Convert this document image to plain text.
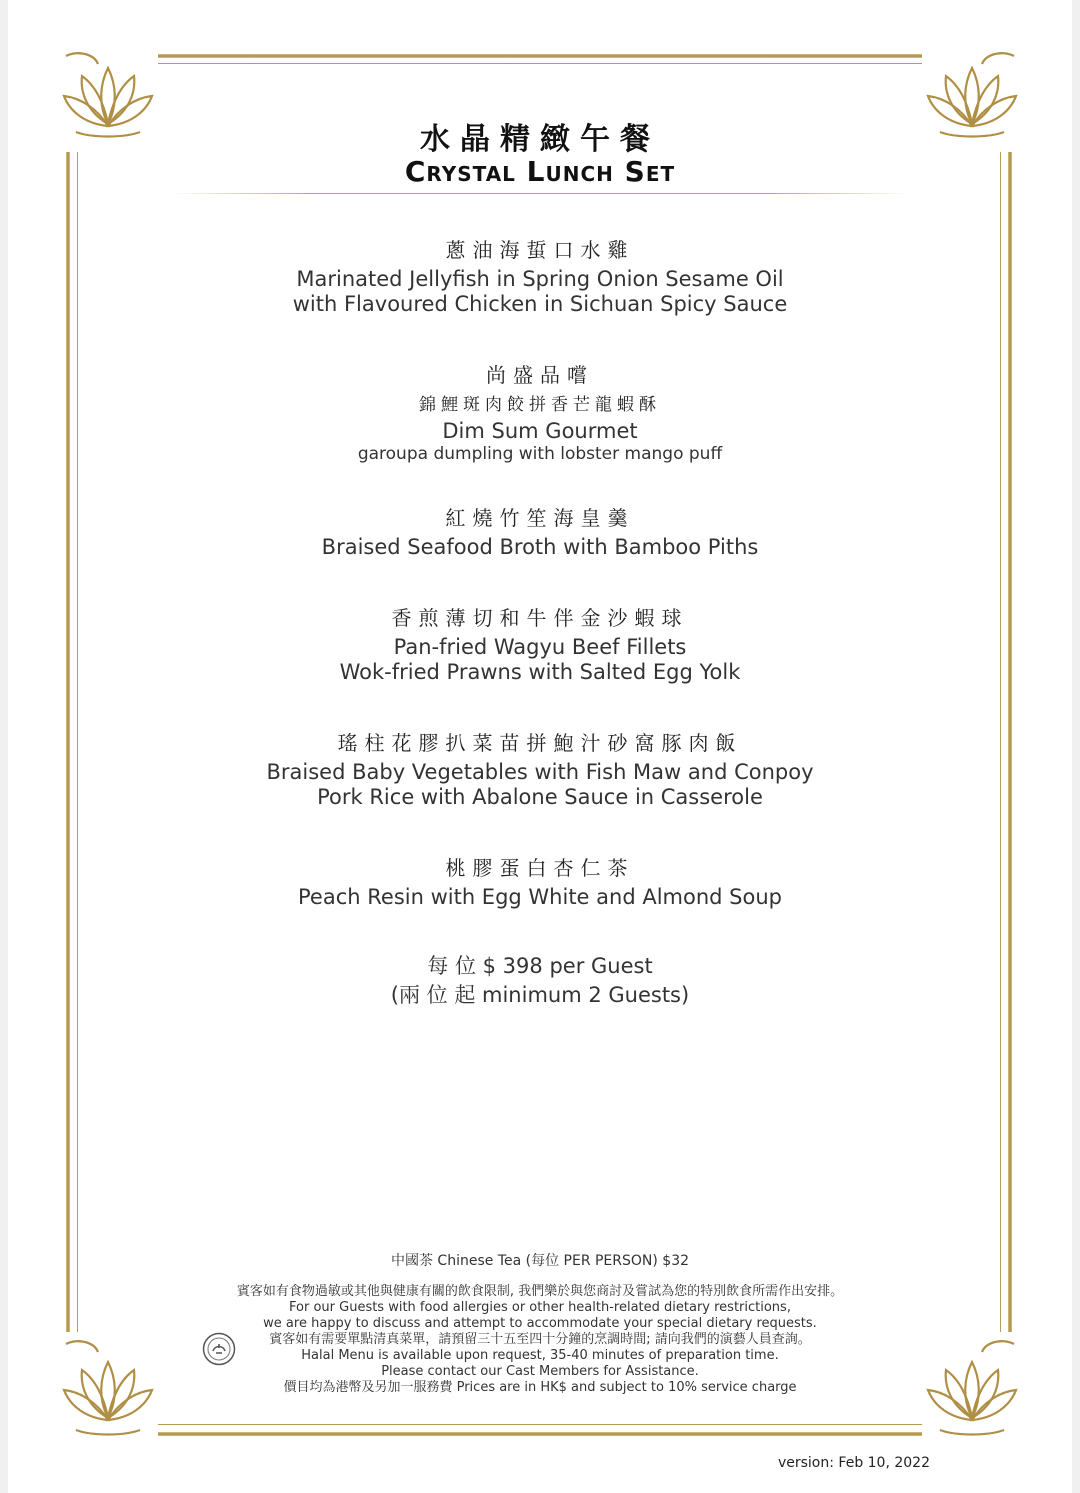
水晶精緻午餐
Crystal Lunch Set
蔥油海蜇口水雞
Marinated Jellyfish in Spring Onion Sesame Oil
with Flavoured Chicken in Sichuan Spicy Sauce
尚盛品嚐
錦鯉斑肉餃拼香芒龍蝦酥
Dim Sum Gourmet
garoupa dumpling with lobster mango puff
紅燒竹笙海皇羹
Braised Seafood Broth with Bamboo Piths
香煎薄切和牛伴金沙蝦球
Pan-fried Wagyu Beef Fillets
Wok-fried Prawns with Salted Egg Yolk
瑤柱花膠扒菜苗拼鮑汁砂窩豚肉飯
Braised Baby Vegetables with Fish Maw and Conpoy
Pork Rice with Abalone Sauce in Casserole
桃膠蛋白杏仁茶
Peach Resin with Egg White and Almond Soup
每 位 $ 398 per Guest
(兩 位 起 minimum 2 Guests)
中國茶 Chinese Tea (每位 PER PERSON) $32
賓客如有食物過敏或其他與健康有關的飲食限制, 我們樂於與您商討及嘗試為您的特別飲食所需作出安排。
For our Guests with food allergies or other health-related dietary restrictions,
we are happy to discuss and attempt to accommodate your special dietary requests.
賓客如有需要單點清真菜單，請預留三十五至四十分鐘的烹調時間; 請向我們的演藝人員查詢。
Halal Menu is available upon request, 35-40 minutes of preparation time.
Please contact our Cast Members for Assistance.
價目均為港幣及另加一服務費 Prices are in HK$ and subject to 10% service charge
version: Feb 10, 2022
